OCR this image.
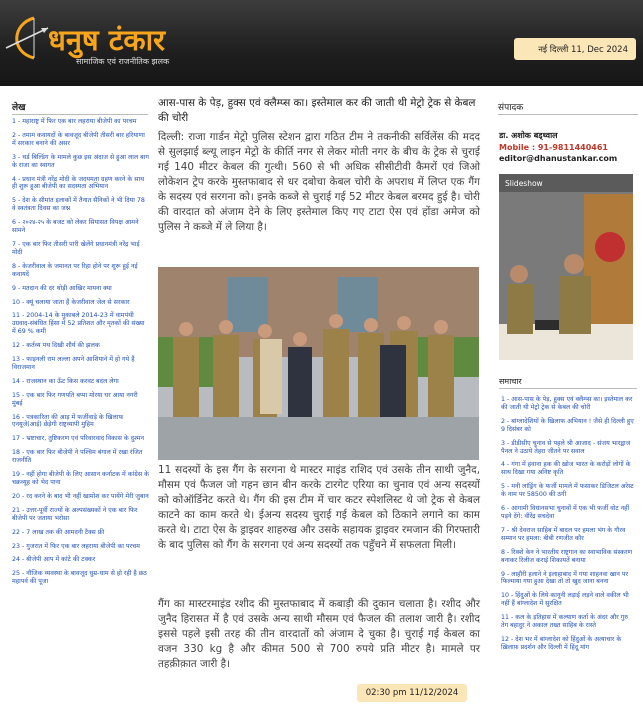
धनुष टंकार
सामाजिक एवं राजनीतिक झलक
नई दिल्ली 11, Dec 2024
लेख
1 - महाराष्ट्र में फिर एक बार लहराया बीजेपी का परचम
2 - तमाम कवायदों के बावजूद बीजेपी तीसरी बार हरियाणा में सरकार बनाने की असर
3 - थर्ड बिल्डिंग के मामले कुछ इस अंदाज से हुआ लाल बाग के राजा का स्वागत
4 - प्रधान मंत्री नरेंद्र मोदी के जदयमता ग्रहण करने के साथ ही शुरू हुआ बीजेपी का सदस्यता अभियान
5 - देश के सीमांत इलाकों में तैनात सैनिकों ने भी दिया 78 वे स्वतंत्रता दिवस का जश्न
6 - २०२४-२५ के बजट को लेकर सियासत विपक्ष आमने सामने
7 - एक बार फिर तीसरी पारी खेलेंगे प्रधानमंत्री नरेंद्र भाई मोदी
8 - केजरीवाल के जमानत पर रिहा होने पर शुरू हुई नई कवायदें
9 - मतदान की दर थोड़ी आखिर मायना क्या
10 - क्यूं चलाया जाता हैं केजरीवाल जेल से सरकार
11 - 2004-14 के मुकाबले 2014-23 में वामपंथी उग्रवाद-संबंधित हिंसा में 52 प्रतिशत और मृतकों की संख्या में 69 % कमी
12 - कर्तव्य पथ दिखी शौर्य की झलक
13 - फाइनली राम लल्ला अपने आशियाने में हो गये हैं विराजमान
14 - राजस्थान का ऊँट किस करवट बदल लेगा
15 - एक बार फिर गणपति बप्पा मोरया घर आया नगरी मुंबई
16 - पत्रकारिता की आड़ में फर्जीवाड़े के खिलाफ एनयूजे(आई) छेड़ेगी राष्ट्रव्यापी मुहिम
17 - भ्रष्टाचार, तुष्टिकरण एवं परिवारवाद विकास के दुश्मन
18 - एक बार फिर बीजेपी ने पश्चिम बंगाल में रखा रंजित राजनीति
19 - नहीं होगा बीजेपी के लिए आसान कर्नाटक में कांग्रेस के चक्रव्यूह को भेद पाना
20 - रद करने के बाद भी नहीं खामोश कर पायेंगे मेरी जुबान
21 - उत्तर-पूर्वी राज्यों के अल्पसंख्यकों ने एक बार फिर बीजेपी पर जताया भरोसा
22 - 7 लाख तक की आमदनी टैक्स फ्री
23 - गुजरात में फिर एक बार लहराया बीजेपी का परचम
24 - बीजेपी आप में कांटे की टक्कर
25 - नौजिक व्यवस्था के बावजूद धुम्र-धाम से हो रही है छठ महापर्व की पूजा
आस-पास के पेड़, हुक्स एवं क्लैम्प्स का। इस्तेमाल कर की जाती थी मेट्रो ट्रेक से केबल की चोरी
दिल्ली: राजा गार्डन मेट्रो पुलिस स्टेशन द्वारा गठित टीम ने तकनीकी सर्विलेंस की मदद से सुलझाई ब्ल्यू लाइन मेट्रो के कीर्ति नगर से लेकर मोती नगर के बीच के ट्रेक से चुराई गई 140 मीटर केबल की गुत्थी। 560 से भी अधिक सीसीटीवी कैमरों एवं जिओ लोकेशन ट्रेप करके मुस्तफाबाद से धर दबोचा केबल चोरी के अपराध में लिप्त एक गैंग के सदस्य एवं सरगना को। इनके कब्जे से चुराई गई 52 मीटर केबल बरमद हुई है। चोरी की वारदात को अंजाम देने के लिए इस्तेमाल किए गए टाटा ऐस एवं होंडा अमेज को पुलिस ने कब्जे में ले लिया है।
11 सदस्यों के इस गैंग के सरगना थे मास्टर माइंड राशिद एवं उसके तीन साथी जुनैद, मौसम एवं फैजल जो गहन छान बीन करके टारगेट एरिया का चुनाव एवं अन्य सदस्यों को कोऑर्डिनेट करते थे। गैंग की इस टीम में चार कटर स्पेशलिस्ट थे जो ट्रेक से केबल काटने का काम करते थे। ईअन्य सदस्य चुराई गई केबल को ठिकाने लगाने का काम करते थे। टाटा ऐस के ड्राइवर शाहरुख और उसके सहायक ड्राइवर रमजान की गिरफ्तारी के बाद पुलिस को गैंग के सरगना एवं अन्य सदस्यों तक पहुँचने में सफलता मिली।
गैंग का मास्टरमाइंड रशीद की मुस्तफाबाद में कबाड़ी की दुकान चलाता है। रशीद और जुनैद हिरासत में है एवं उसके अन्य साथी मौसम एवं फैजल की तलाश जारी है। रशीद इससे पहले इसी तरह की तीन वारदातों को अंजाम दे चुका है। चुराई गई केबल का वजन 330 kg है और कीमत 500 से 700 रुपये प्रति मीटर है। मामले पर तहक़ीक़ात जारी है।
02:30 pm 11/12/2024
संपादक
डा. अशोक बड्थ्वाल
Mobile : 91-9811440461
editor@dhanustankar.com
Slideshow
समाचार
1 - आस-पास के पेड़, हुक्स एवं क्लैम्प्स का। इस्तेमाल कर की जाती थी मेट्रो ट्रेक से केबल की चोरी
2 - बांग्लादेशियों के खिलाफ अभियान ! जैसे ही दिल्ली हुए 9 दिसंबर को
3 - डीडीसीए चुनाव से पहले श्री आजाद - संजय भारद्वाज पैनल ने उठाये तेहरा जीतने पर सवाल
4 - गंगा में हवाना हक की ख़ोज भारत के करोड़ों लोगों के साथ दिखा गया अनिष्ट कृति
5 - मनी लांड्रिंग के फर्जी मामले में फसाकर डिजिटल अरेस्ट के नाम पर 58500 की ठगी
6 - आगामी विधानसभा चुनावों में एक भी फर्जी वोट नहीं पड़ने देंगे: वीरेंद्र सचदेवा
7 - श्री देवराज साहिब में बादल पर हमला भंग के गौरव सम्मान पर हमला: बीबी रणजीत कौर
8 - रिक्शे केन ने भारतीय राष्ट्रगान का स्वाभाविक संस्करण बनाकर रिलीज कराई शिकायतें बनाया
9 - लाहौरी हलाने ने इलाहाबाद में गया शाहनवा खान पर फिल्माया गया हुआ देखा तो तो खुद जाना बनना
10 - हिंदुओं के लिये कानूनी लड़ाई लड़ने वाले वकील भी नहीं हैं बांग्लादेश में सुरक्षित
11 - कल के इतिहास में कल्याण कर्ता के अंदर और गुरु तेग बहादुर ने अकाल तख्त साहिब के रास्ते
12 - देश भर में बांग्लादेश को हिंदुओं के अत्याचार के ख़िलाफ़ प्रदर्शन और दिल्ली में हिंदू मांग
